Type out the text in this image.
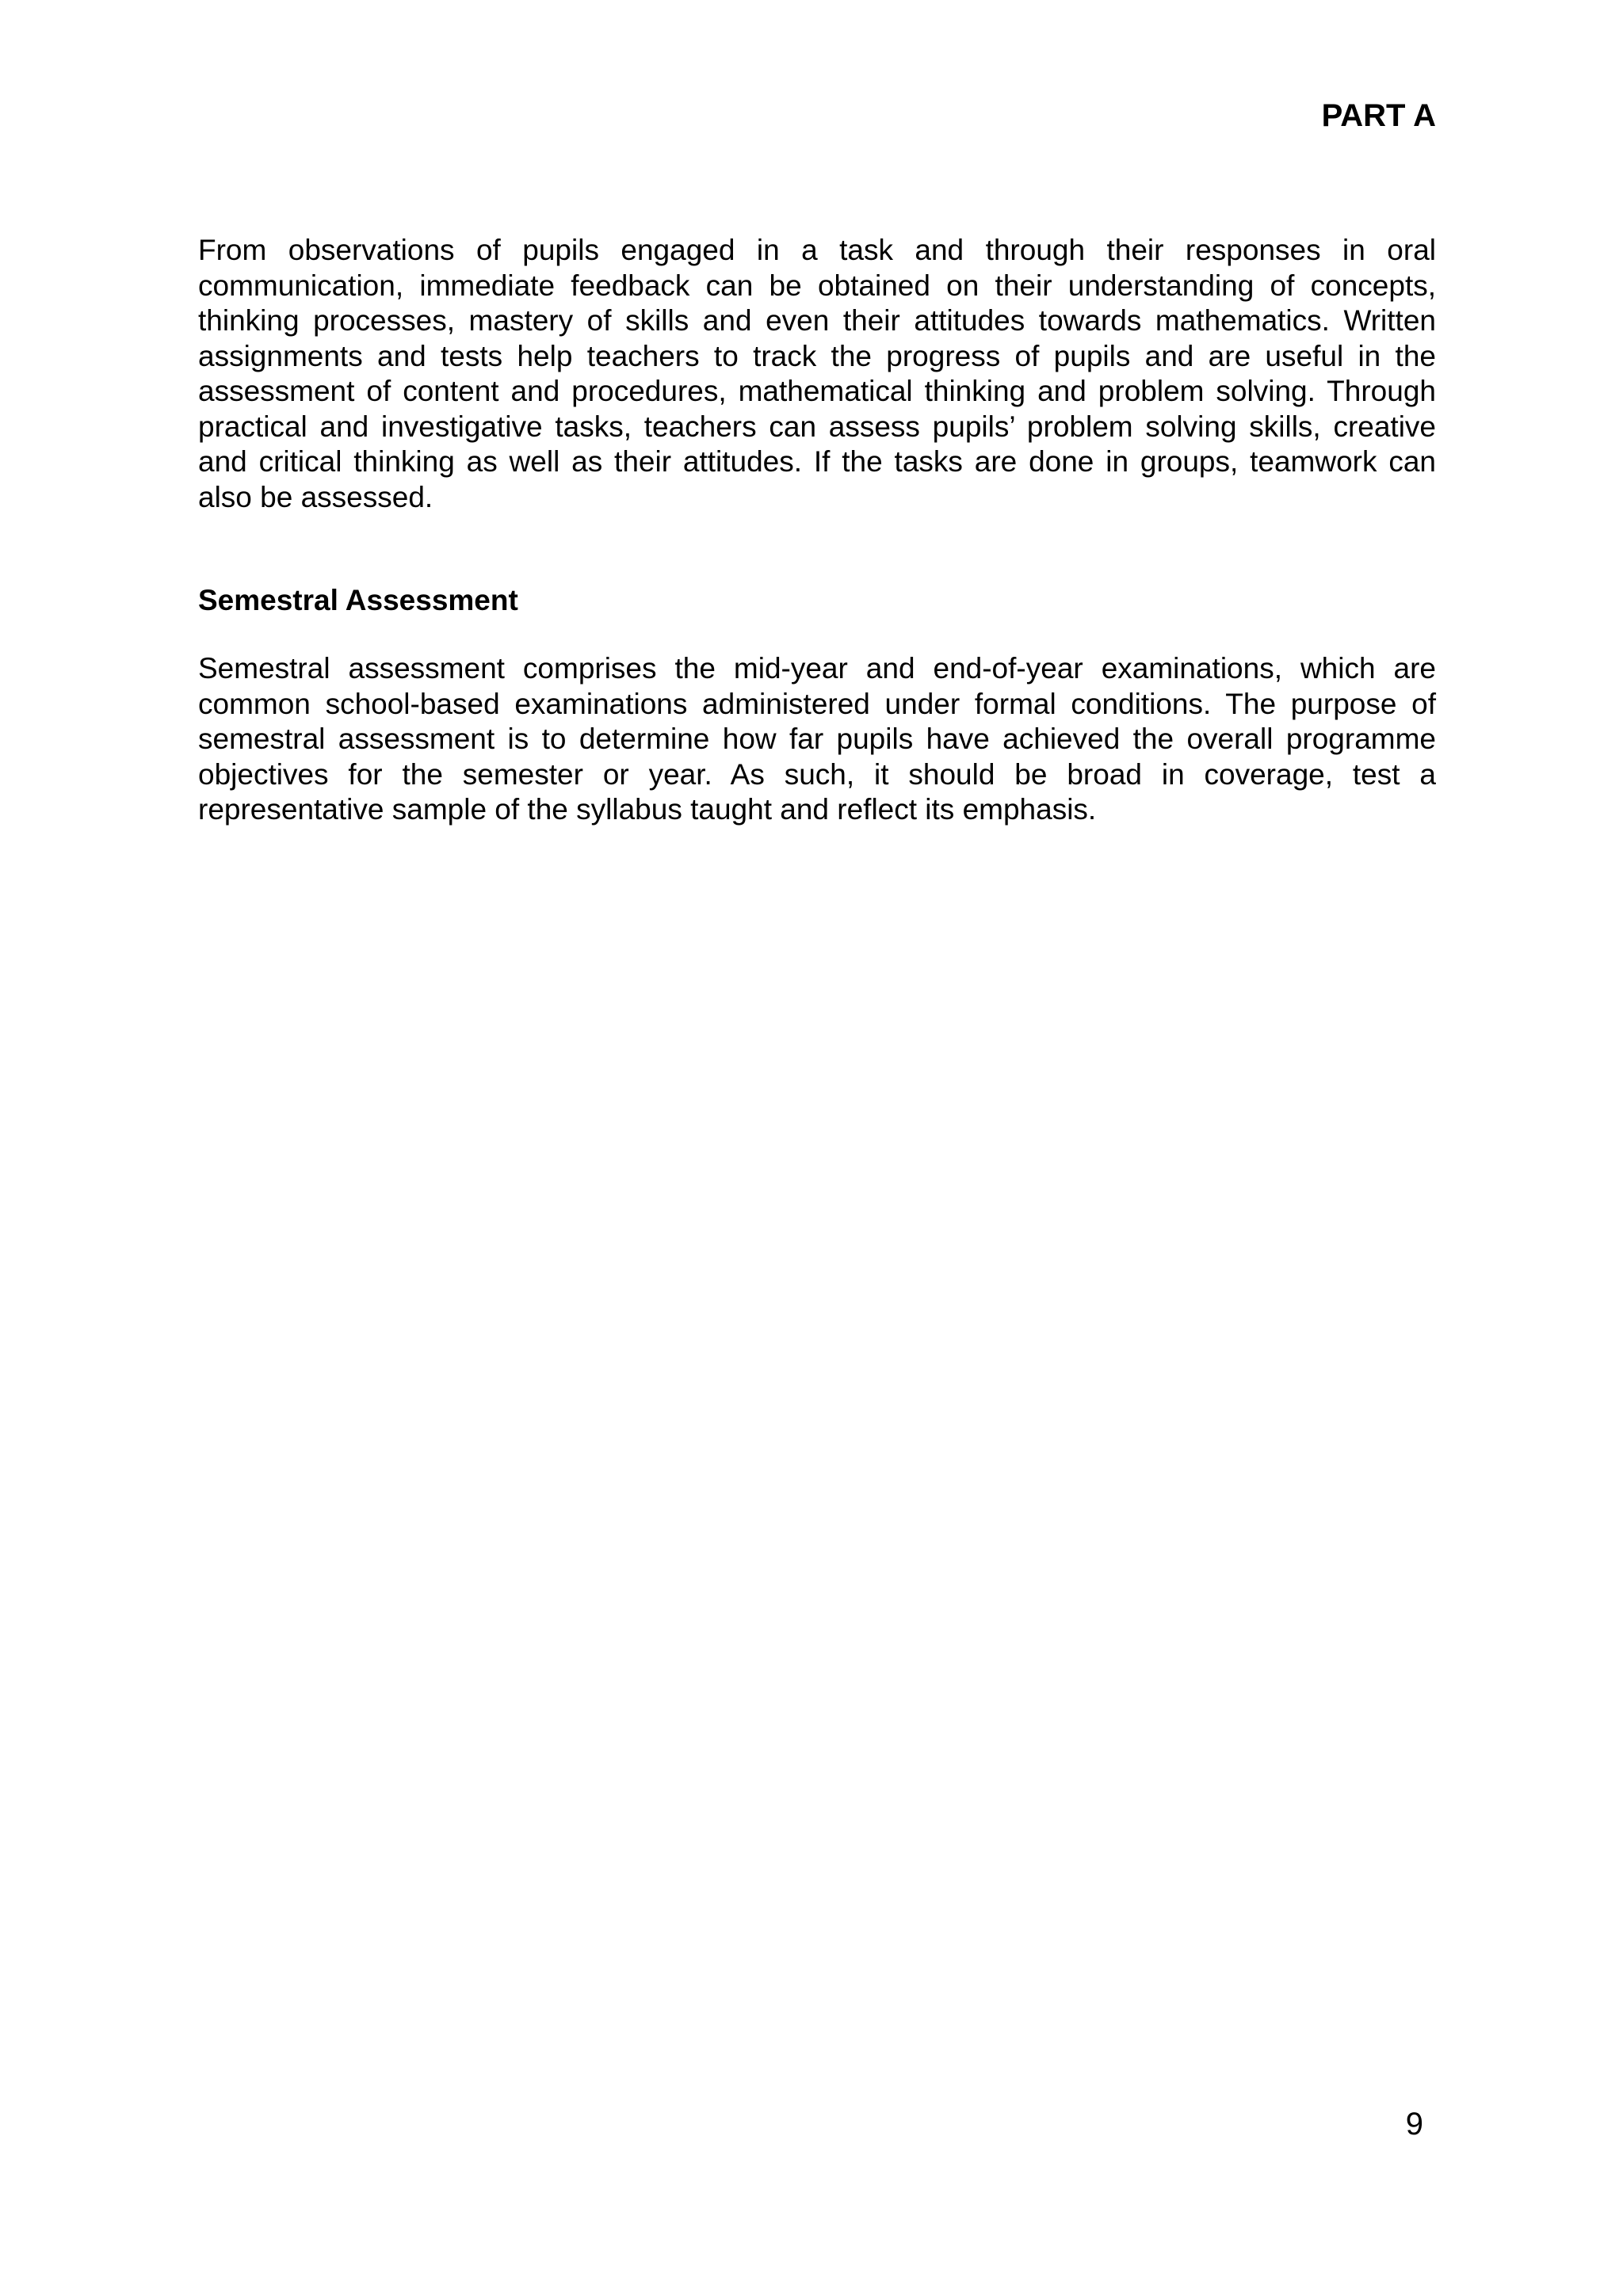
PART A

From observations of pupils engaged in a task and through their responses in oral communication, immediate feedback can be obtained on their understanding of concepts, thinking processes, mastery of skills and even their attitudes towards mathematics. Written assignments and tests help teachers to track the progress of pupils and are useful in the assessment of content and procedures, mathematical thinking and problem solving. Through practical and investigative tasks, teachers can assess pupils’ problem solving skills, creative and critical thinking as well as their attitudes. If the tasks are done in groups, teamwork can also be assessed.

Semestral Assessment

Semestral assessment comprises the mid-year and end-of-year examinations, which are common school-based examinations administered under formal conditions. The purpose of semestral assessment is to determine how far pupils have achieved the overall programme objectives for the semester or year. As such, it should be broad in coverage, test a representative sample of the syllabus taught and reflect its emphasis.

9
